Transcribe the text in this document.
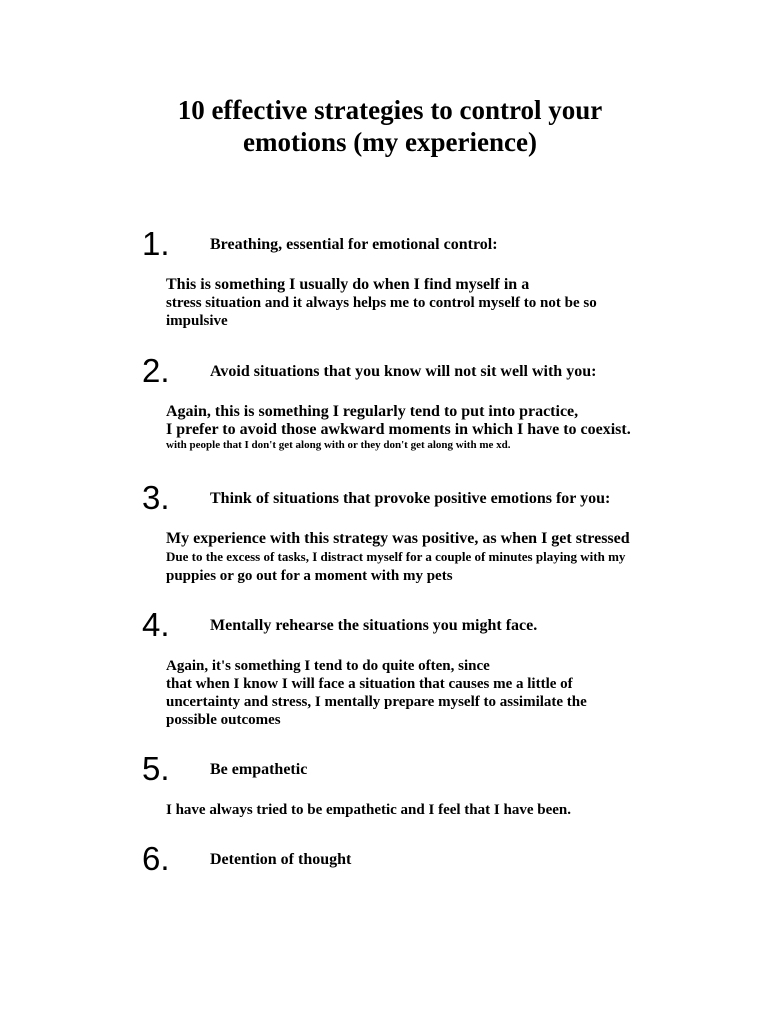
10 effective strategies to control your
emotions (my experience)
1.	Breathing, essential for emotional control:
This is something I usually do when I find myself in a
stress situation and it always helps me to control myself to not be so
impulsive
2.	Avoid situations that you know will not sit well with you:
Again, this is something I regularly tend to put into practice,
I prefer to avoid those awkward moments in which I have to coexist.
with people that I don't get along with or they don't get along with me xd.
3.	Think of situations that provoke positive emotions for you:
My experience with this strategy was positive, as when I get stressed
Due to the excess of tasks, I distract myself for a couple of minutes playing with my
puppies or go out for a moment with my pets
4.	Mentally rehearse the situations you might face.
Again, it's something I tend to do quite often, since
that when I know I will face a situation that causes me a little of
uncertainty and stress, I mentally prepare myself to assimilate the
possible outcomes
5.	Be empathetic
I have always tried to be empathetic and I feel that I have been.
6.	Detention of thought
